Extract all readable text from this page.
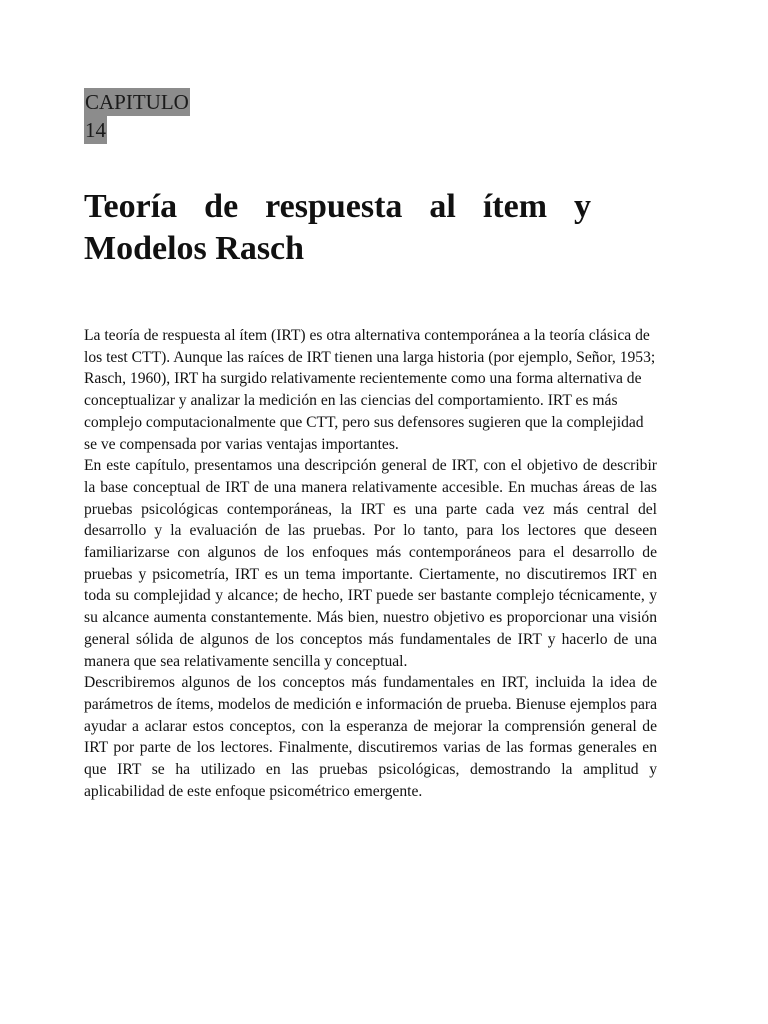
CAPITULO
14
Teoría de respuesta al ítem y
Modelos Rasch

La teoría de respuesta al ítem (IRT) es otra alternativa contemporánea a la teoría clásica de los test CTT). Aunque las raíces de IRT tienen una larga historia (por ejemplo, Señor, 1953; Rasch, 1960), IRT ha surgido relativamente recientemente como una forma alternativa de conceptualizar y analizar la medición en las ciencias del comportamiento. IRT es más complejo computacionalmente que CTT, pero sus defensores sugieren que la complejidad se ve compensada por varias ventajas importantes.

En este capítulo, presentamos una descripción general de IRT, con el objetivo de describir la base conceptual de IRT de una manera relativamente accesible. En muchas áreas de las pruebas psicológicas contemporáneas, la IRT es una parte cada vez más central del desarrollo y la evaluación de las pruebas. Por lo tanto, para los lectores que deseen familiarizarse con algunos de los enfoques más contemporáneos para el desarrollo de pruebas y psicometría, IRT es un tema importante. Ciertamente, no discutiremos IRT en toda su complejidad y alcance; de hecho, IRT puede ser bastante complejo técnicamente, y su alcance aumenta constantemente. Más bien, nuestro objetivo es proporcionar una visión general sólida de algunos de los conceptos más fundamentales de IRT y hacerlo de una manera que sea relativamente sencilla y conceptual.

Describiremos algunos de los conceptos más fundamentales en IRT, incluida la idea de parámetros de ítems, modelos de medición e información de prueba. Bienuse ejemplos para ayudar a aclarar estos conceptos, con la esperanza de mejorar la comprensión general de IRT por parte de los lectores. Finalmente, discutiremos varias de las formas generales en que IRT se ha utilizado en las pruebas psicológicas, demostrando la amplitud y aplicabilidad de este enfoque psicométrico emergente.
